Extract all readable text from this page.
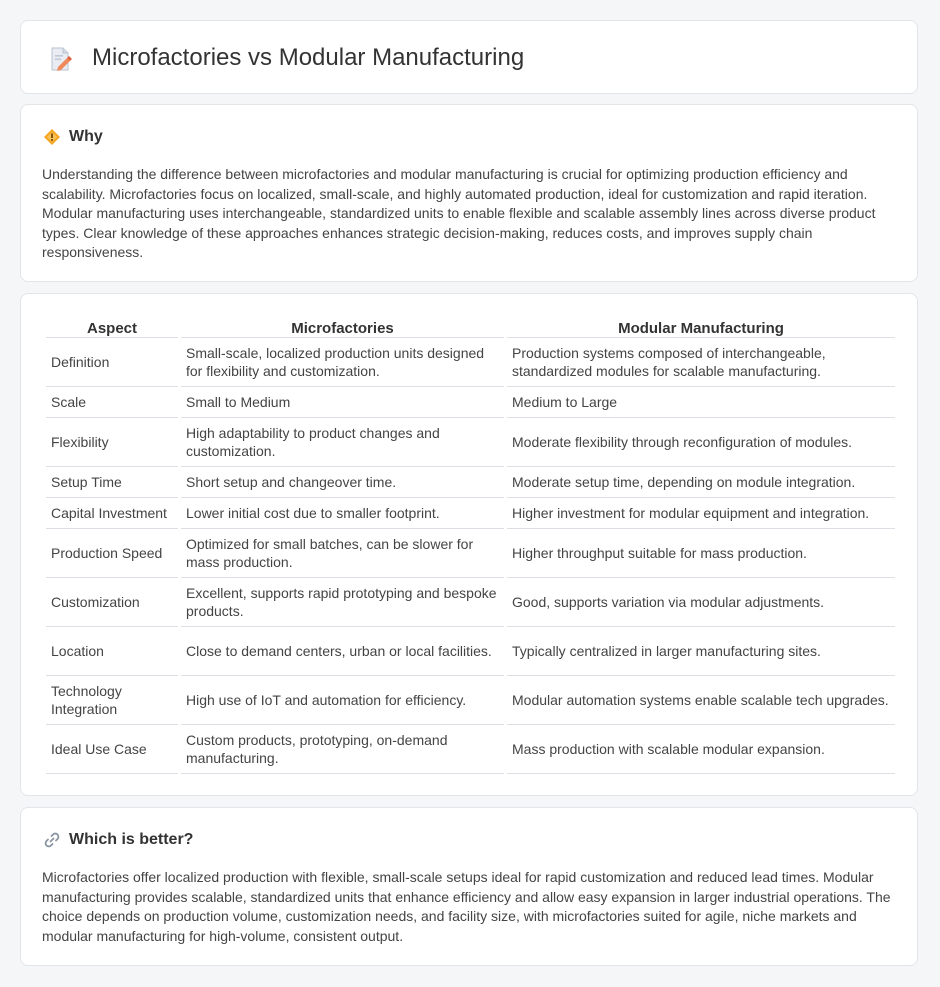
Microfactories vs Modular Manufacturing
Why

Understanding the difference between microfactories and modular manufacturing is crucial for optimizing production efficiency and scalability. Microfactories focus on localized, small-scale, and highly automated production, ideal for customization and rapid iteration. Modular manufacturing uses interchangeable, standardized units to enable flexible and scalable assembly lines across diverse product types. Clear knowledge of these approaches enhances strategic decision-making, reduces costs, and improves supply chain responsiveness.

Aspect	Microfactories	Modular Manufacturing
Definition	Small-scale, localized production units designed for flexibility and customization.	Production systems composed of interchangeable, standardized modules for scalable manufacturing.
Scale	Small to Medium	Medium to Large
Flexibility	High adaptability to product changes and customization.	Moderate flexibility through reconfiguration of modules.
Setup Time	Short setup and changeover time.	Moderate setup time, depending on module integration.
Capital Investment	Lower initial cost due to smaller footprint.	Higher investment for modular equipment and integration.
Production Speed	Optimized for small batches, can be slower for mass production.	Higher throughput suitable for mass production.
Customization	Excellent, supports rapid prototyping and bespoke products.	Good, supports variation via modular adjustments.
Location	Close to demand centers, urban or local facilities.	Typically centralized in larger manufacturing sites.
Technology Integration	High use of IoT and automation for efficiency.	Modular automation systems enable scalable tech upgrades.
Ideal Use Case	Custom products, prototyping, on-demand manufacturing.	Mass production with scalable modular expansion.
Which is better?

Microfactories offer localized production with flexible, small-scale setups ideal for rapid customization and reduced lead times. Modular manufacturing provides scalable, standardized units that enhance efficiency and allow easy expansion in larger industrial operations. The choice depends on production volume, customization needs, and facility size, with microfactories suited for agile, niche markets and modular manufacturing for high-volume, consistent output.
